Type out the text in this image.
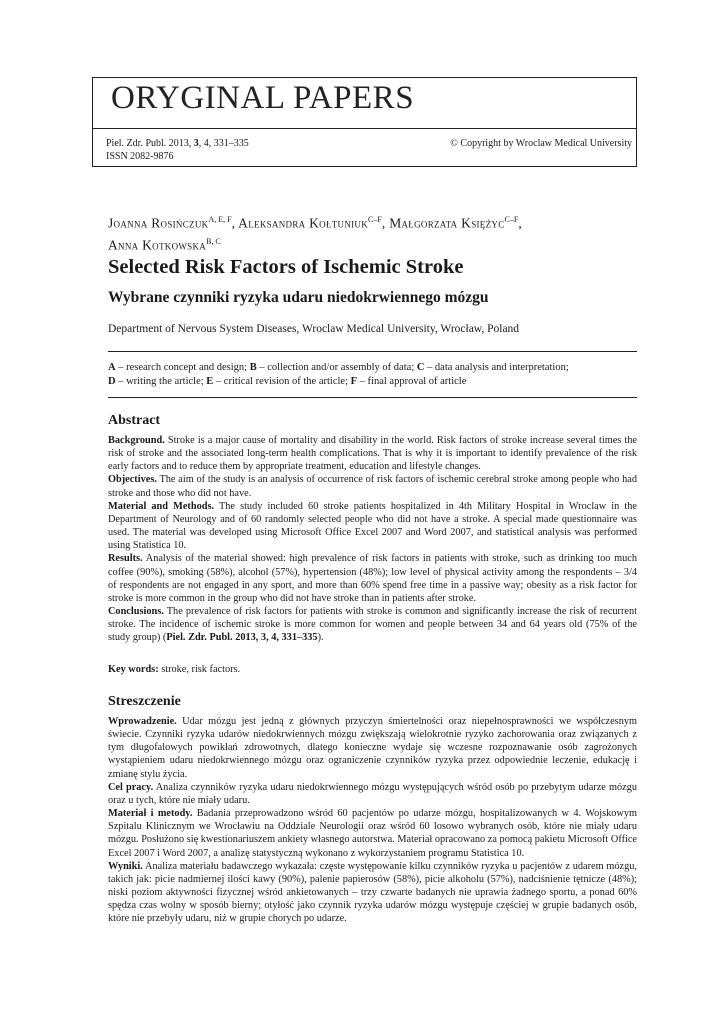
ORYGINAL PAPERS
Piel. Zdr. Publ. 2013, 3, 4, 331–335
ISSN 2082-9876
© Copyright by Wroclaw Medical University
Joanna Rosińczuk$^{A, E, F}$, Aleksandra Kołtuniuk$^{C-F}$, Małgorzata Księżyc$^{C-F}$,
Anna Kotkowska$^{B, C}$
Selected Risk Factors of Ischemic Stroke
Wybrane czynniki ryzyka udaru niedokrwiennego mózgu
Department of Nervous System Diseases, Wroclaw Medical University, Wrocław, Poland
A – research concept and design; B – collection and/or assembly of data; C – data analysis and interpretation;
D – writing the article; E – critical revision of the article; F – final approval of article
Abstract

Background. Stroke is a major cause of mortality and disability in the world. Risk factors of stroke increase several times the risk of stroke and the associated long-term health complications. That is why it is important to identify prevalence of the risk early factors and to reduce them by appropriate treatment, education and lifestyle changes.

Objectives. The aim of the study is an analysis of occurrence of risk factors of ischemic cerebral stroke among people who had stroke and those who did not have.

Material and Methods. The study included 60 stroke patients hospitalized in 4th Military Hospital in Wroclaw in the Department of Neurology and of 60 randomly selected people who did not have a stroke. A special made questionnaire was used. The material was developed using Microsoft Office Excel 2007 and Word 2007, and statistical analysis was performed using Statistica 10.

Results. Analysis of the material showed: high prevalence of risk factors in patients with stroke, such as drinking too much coffee (90%), smoking (58%), alcohol (57%), hypertension (48%); low level of physical activity among the respondents – 3/4 of respondents are not engaged in any sport, and more than 60% spend free time in a passive way; obesity as a risk factor for stroke is more common in the group who did not have stroke than in patients after stroke.

Conclusions. The prevalence of risk factors for patients with stroke is common and significantly increase the risk of recurrent stroke. The incidence of ischemic stroke is more common for women and people between 34 and 64 years old (75% of the study group) (Piel. Zdr. Publ. 2013, 3, 4, 331–335).

Key words: stroke, risk factors.
Streszczenie

Wprowadzenie. Udar mózgu jest jedną z głównych przyczyn śmiertelności oraz niepełnosprawności we współczesnym świecie. Czynniki ryzyka udarów niedokrwiennych mózgu zwiększają wielokrotnie ryzyko zachorowania oraz związanych z tym długofalowych powikłań zdrowotnych, dlatego konieczne wydaje się wczesne rozpoznawanie osób zagrożonych wystąpieniem udaru niedokrwiennego mózgu oraz ograniczenie czynników ryzyka przez odpowiednie leczenie, edukację i zmianę stylu życia.

Cel pracy. Analiza czynników ryzyka udaru niedokrwiennego mózgu występujących wśród osób po przebytym udarze mózgu oraz u tych, które nie miały udaru.

Materiał i metody. Badania przeprowadzono wśród 60 pacjentów po udarze mózgu, hospitalizowanych w 4. Wojskowym Szpitalu Klinicznym we Wrocławiu na Oddziale Neurologii oraz wśród 60 losowo wybranych osób, które nie miały udaru mózgu. Posłużono się kwestionariuszem ankiety własnego autorstwa. Materiał opracowano za pomocą pakietu Microsoft Office Excel 2007 i Word 2007, a analizę statystyczną wykonano z wykorzystaniem programu Statistica 10.

Wyniki. Analiza materiału badawczego wykazała: częste występowanie kilku czynników ryzyka u pacjentów z udarem mózgu, takich jak: picie nadmiernej ilości kawy (90%), palenie papierosów (58%), picie alkoholu (57%), nadciśnienie tętnicze (48%); niski poziom aktywności fizycznej wśród ankietowanych – trzy czwarte badanych nie uprawia żadnego sportu, a ponad 60% spędza czas wolny w sposób bierny; otyłość jako czynnik ryzyka udarów mózgu występuje częściej w grupie badanych osób, które nie przebyły udaru, niż w grupie chorych po udarze.
